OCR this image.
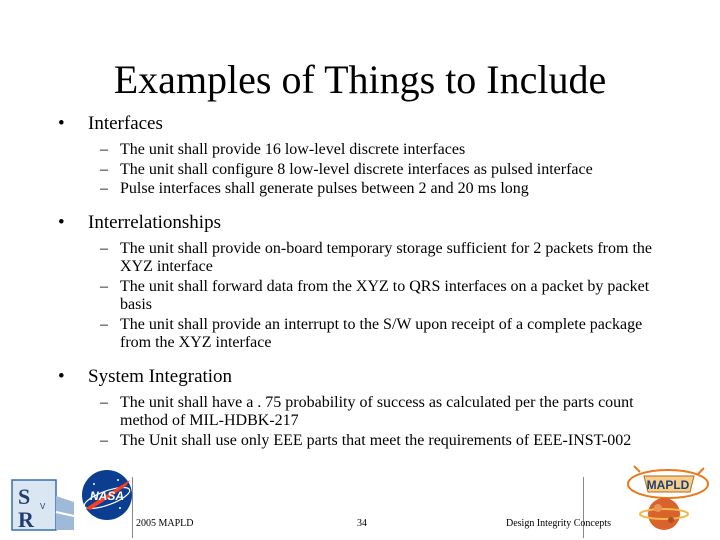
Examples of Things to Include
• Interfaces
– The unit shall provide 16 low-level discrete interfaces
– The unit shall configure 8 low-level discrete interfaces as pulsed interface
– Pulse interfaces shall generate pulses between 2 and 20 ms long
• Interrelationships
– The unit shall provide on-board temporary storage sufficient for 2 packets from the XYZ interface
– The unit shall forward data from the XYZ to QRS interfaces on a packet by packet basis
– The unit shall provide an interrupt to the S/W upon receipt of a complete package from the XYZ interface
• System Integration
– The unit shall have a . 75 probability of success as calculated per the parts count method of MIL-HDBK-217
– The Unit shall use only EEE parts that meet the requirements of EEE-INST-002
S
R
V
NASA
2005 MAPLD	34	Design Integrity Concepts
MAPLD
